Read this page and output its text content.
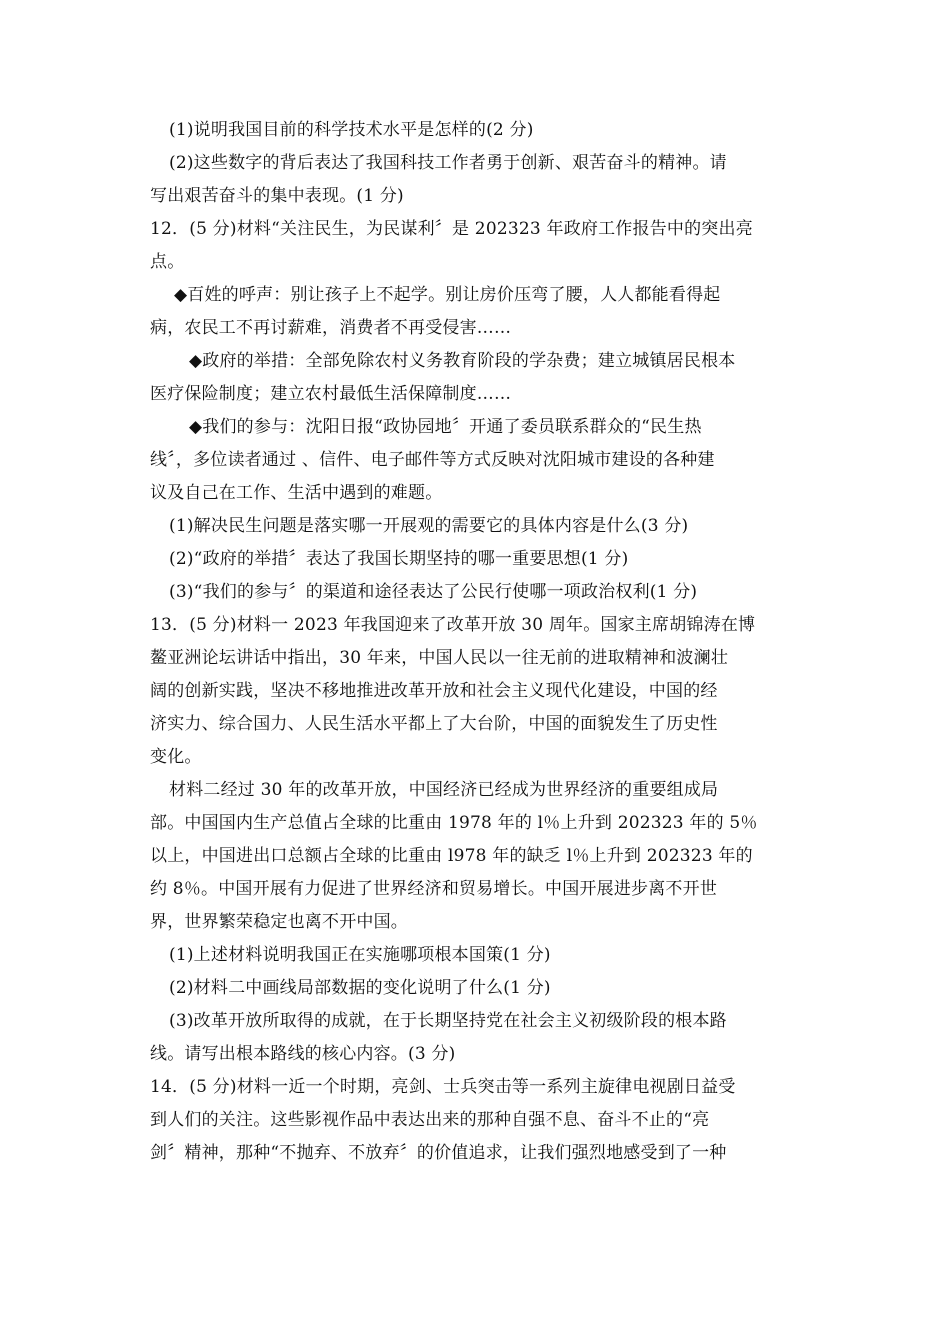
(1)说明我国目前的科学技术水平是怎样的(2 分)
(2)这些数字的背后表达了我国科技工作者勇于创新、艰苦奋斗的精神。请
写出艰苦奋斗的集中表现。(1 分)
12．(5 分)材料“关注民生，为民谋利〞是 202323 年政府工作报告中的突出亮
点。
◆百姓的呼声：别让孩子上不起学。别让房价压弯了腰，人人都能看得起
病，农民工不再讨薪难，消费者不再受侵害……
◆政府的举措：全部免除农村义务教育阶段的学杂费；建立城镇居民根本
医疗保险制度；建立农村最低生活保障制度……
◆我们的参与：沈阳日报“政协园地〞开通了委员联系群众的“民生热
线〞，多位读者通过 、信件、电子邮件等方式反映对沈阳城市建设的各种建
议及自己在工作、生活中遇到的难题。
(1)解决民生问题是落实哪一开展观的需要它的具体内容是什么(3 分)
(2)“政府的举措〞表达了我国长期坚持的哪一重要思想(1 分)
(3)“我们的参与〞的渠道和途径表达了公民行使哪一项政治权利(1 分)
13．(5 分)材料一 2023 年我国迎来了改革开放 30 周年。国家主席胡锦涛在博
鳌亚洲论坛讲话中指出，30 年来，中国人民以一往无前的进取精神和波澜壮
阔的创新实践，坚决不移地推进改革开放和社会主义现代化建设，中国的经
济实力、综合国力、人民生活水平都上了大台阶，中国的面貌发生了历史性
变化。
材料二经过 30 年的改革开放，中国经济已经成为世界经济的重要组成局
部。中国国内生产总值占全球的比重由 1978 年的 l％上升到 202323 年的 5％
以上，中国进出口总额占全球的比重由 l978 年的缺乏 l％上升到 202323 年的
约 8％。中国开展有力促进了世界经济和贸易增长。中国开展进步离不开世
界，世界繁荣稳定也离不开中国。
(1)上述材料说明我国正在实施哪项根本国策(1 分)
(2)材料二中画线局部数据的变化说明了什么(1 分)
(3)改革开放所取得的成就，在于长期坚持党在社会主义初级阶段的根本路
线。请写出根本路线的核心内容。(3 分)
14．(5 分)材料一近一个时期，亮剑、士兵突击等一系列主旋律电视剧日益受
到人们的关注。这些影视作品中表达出来的那种自强不息、奋斗不止的“亮
剑〞精神，那种“不抛弃、不放弃〞的价值追求，让我们强烈地感受到了一种
